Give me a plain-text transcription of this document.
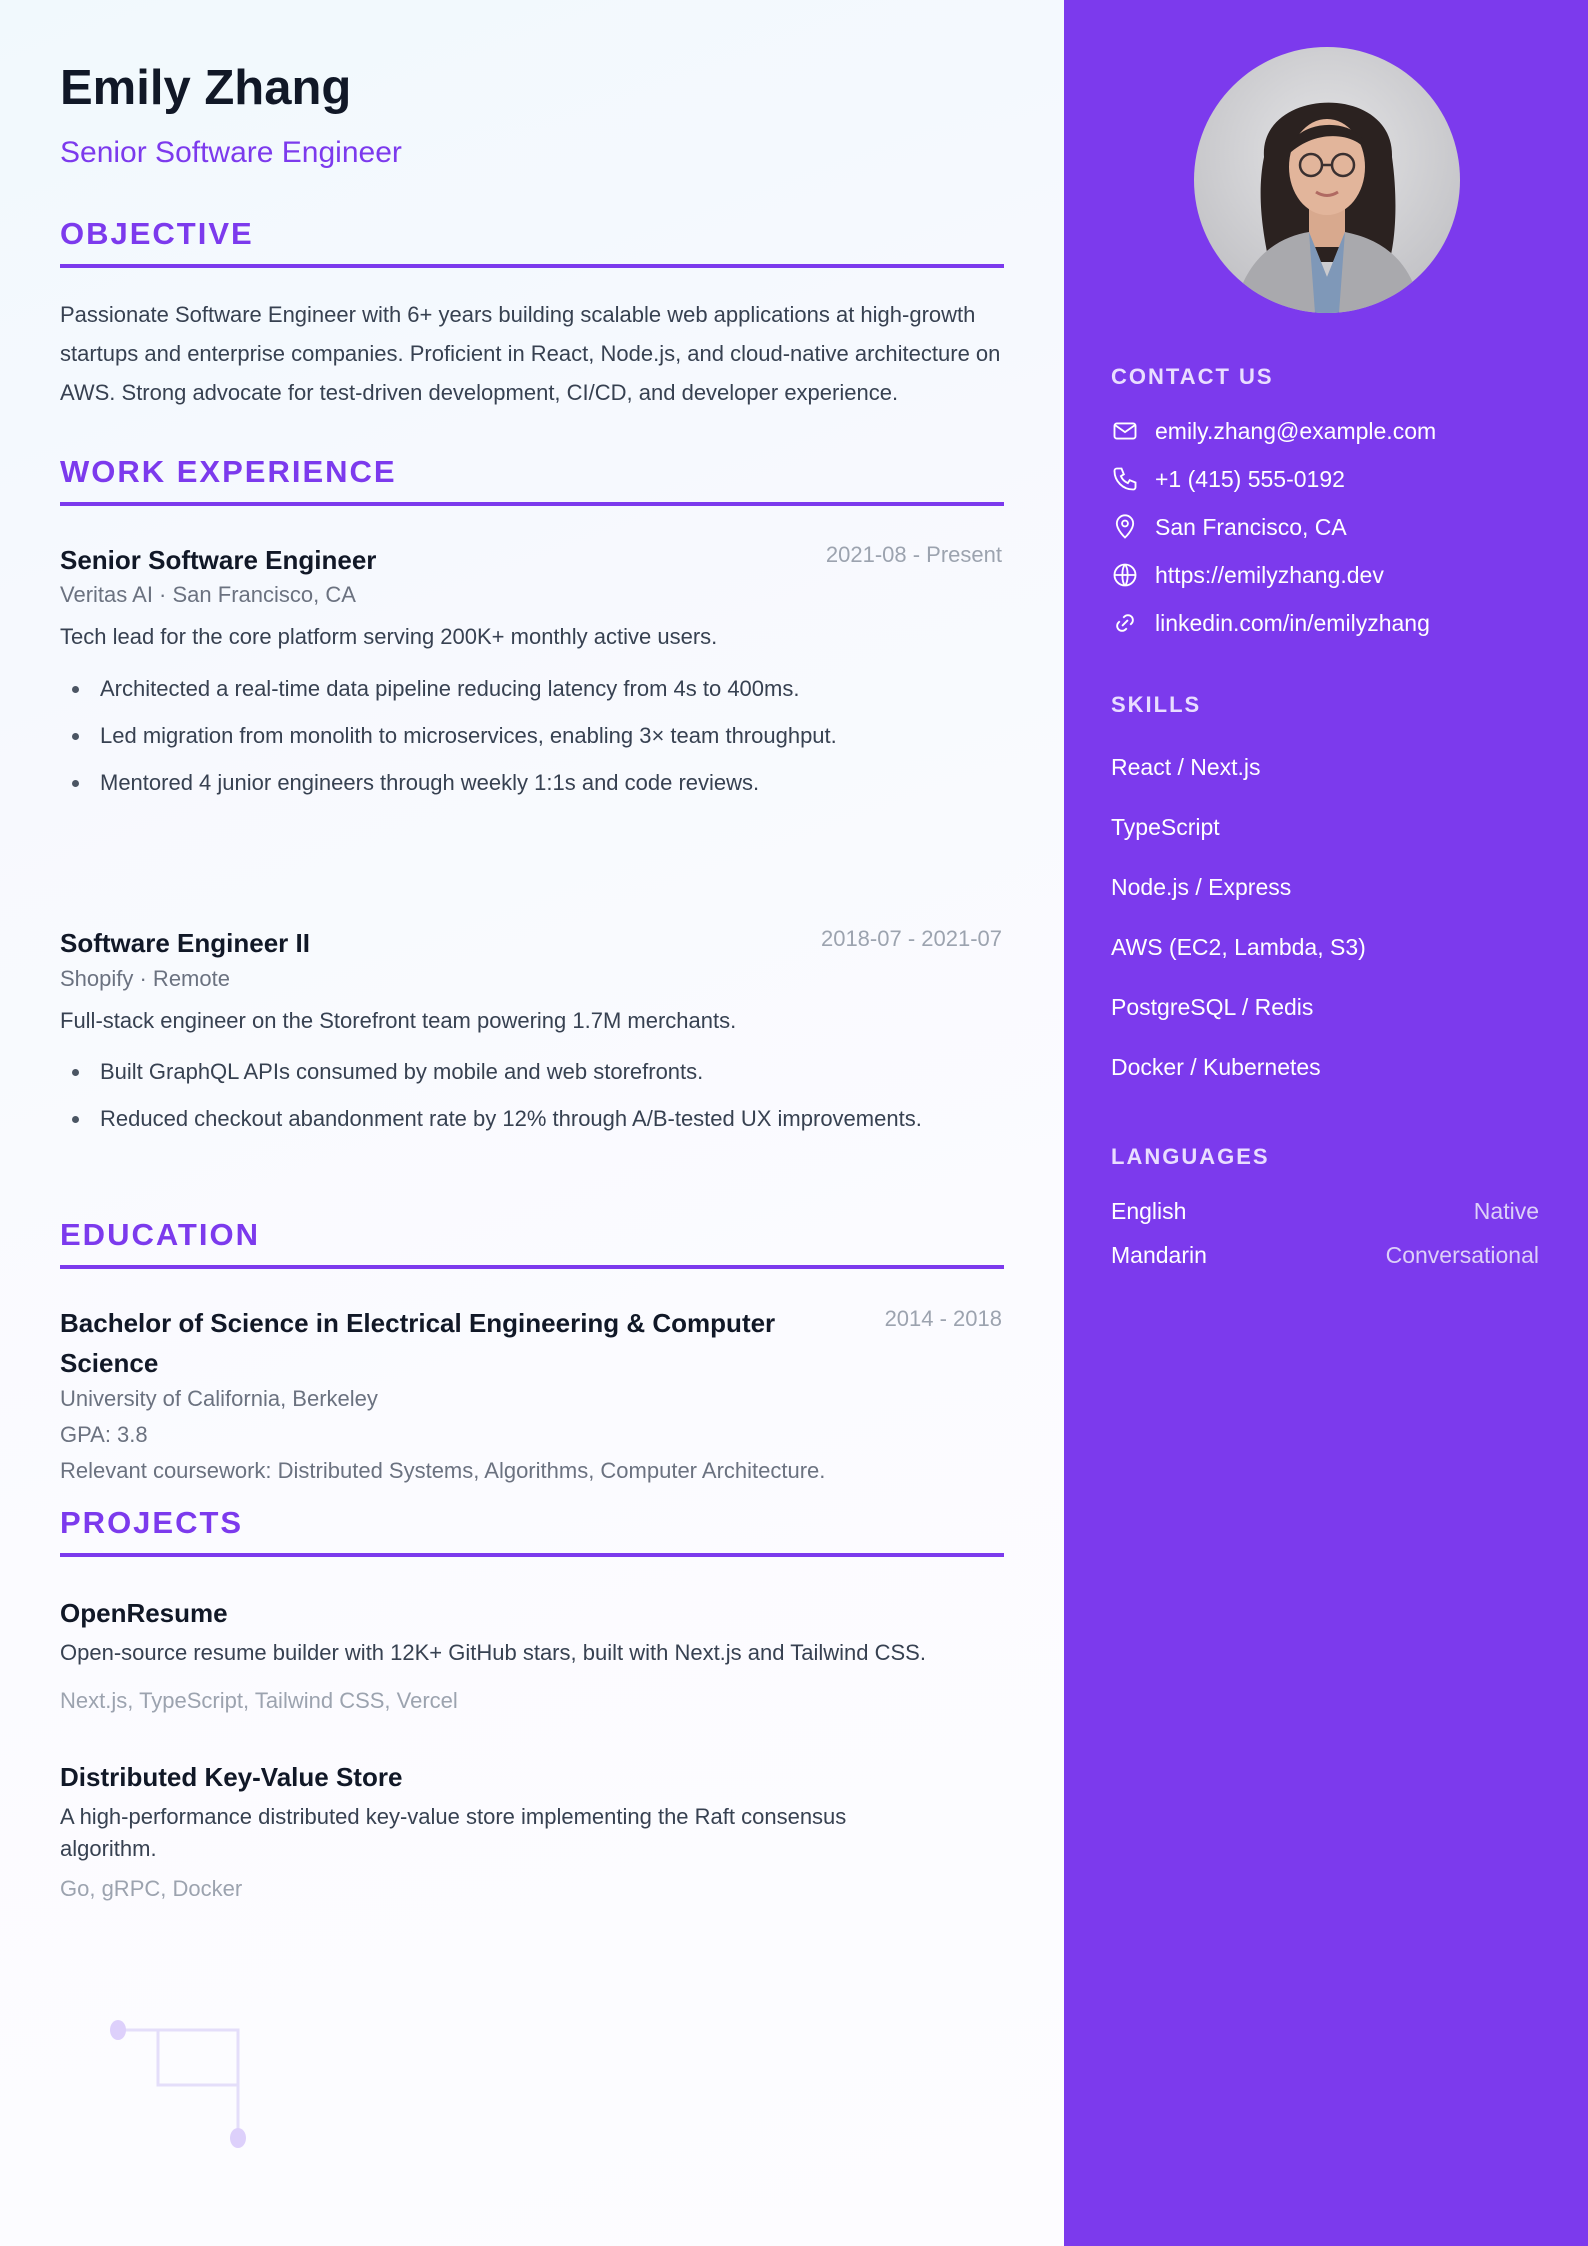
Emily Zhang
Senior Software Engineer
OBJECTIVE
Passionate Software Engineer with 6+ years building scalable web applications at high-growth startups and enterprise companies. Proficient in React, Node.js, and cloud-native architecture on AWS. Strong advocate for test-driven development, CI/CD, and developer experience.
WORK EXPERIENCE
Senior Software Engineer	2021-08 - Present
Veritas AI · San Francisco, CA
Tech lead for the core platform serving 200K+ monthly active users.
Architected a real-time data pipeline reducing latency from 4s to 400ms.
Led migration from monolith to microservices, enabling 3× team throughput.
Mentored 4 junior engineers through weekly 1:1s and code reviews.
Software Engineer II	2018-07 - 2021-07
Shopify · Remote
Full-stack engineer on the Storefront team powering 1.7M merchants.
Built GraphQL APIs consumed by mobile and web storefronts.
Reduced checkout abandonment rate by 12% through A/B-tested UX improvements.
EDUCATION
Bachelor of Science in Electrical Engineering & Computer
Science
2014 - 2018
University of California, Berkeley
GPA: 3.8
Relevant coursework: Distributed Systems, Algorithms, Computer Architecture.
PROJECTS
OpenResume
Open-source resume builder with 12K+ GitHub stars, built with Next.js and Tailwind CSS.
Next.js, TypeScript, Tailwind CSS, Vercel
Distributed Key-Value Store
A high-performance distributed key-value store implementing the Raft consensus
algorithm.
Go, gRPC, Docker
CONTACT US
emily.zhang@example.com
+1 (415) 555-0192
San Francisco, CA
https://emilyzhang.dev
linkedin.com/in/emilyzhang
SKILLS
React / Next.js
TypeScript
Node.js / Express
AWS (EC2, Lambda, S3)
PostgreSQL / Redis
Docker / Kubernetes
LANGUAGES
English	Native
Mandarin	Conversational
